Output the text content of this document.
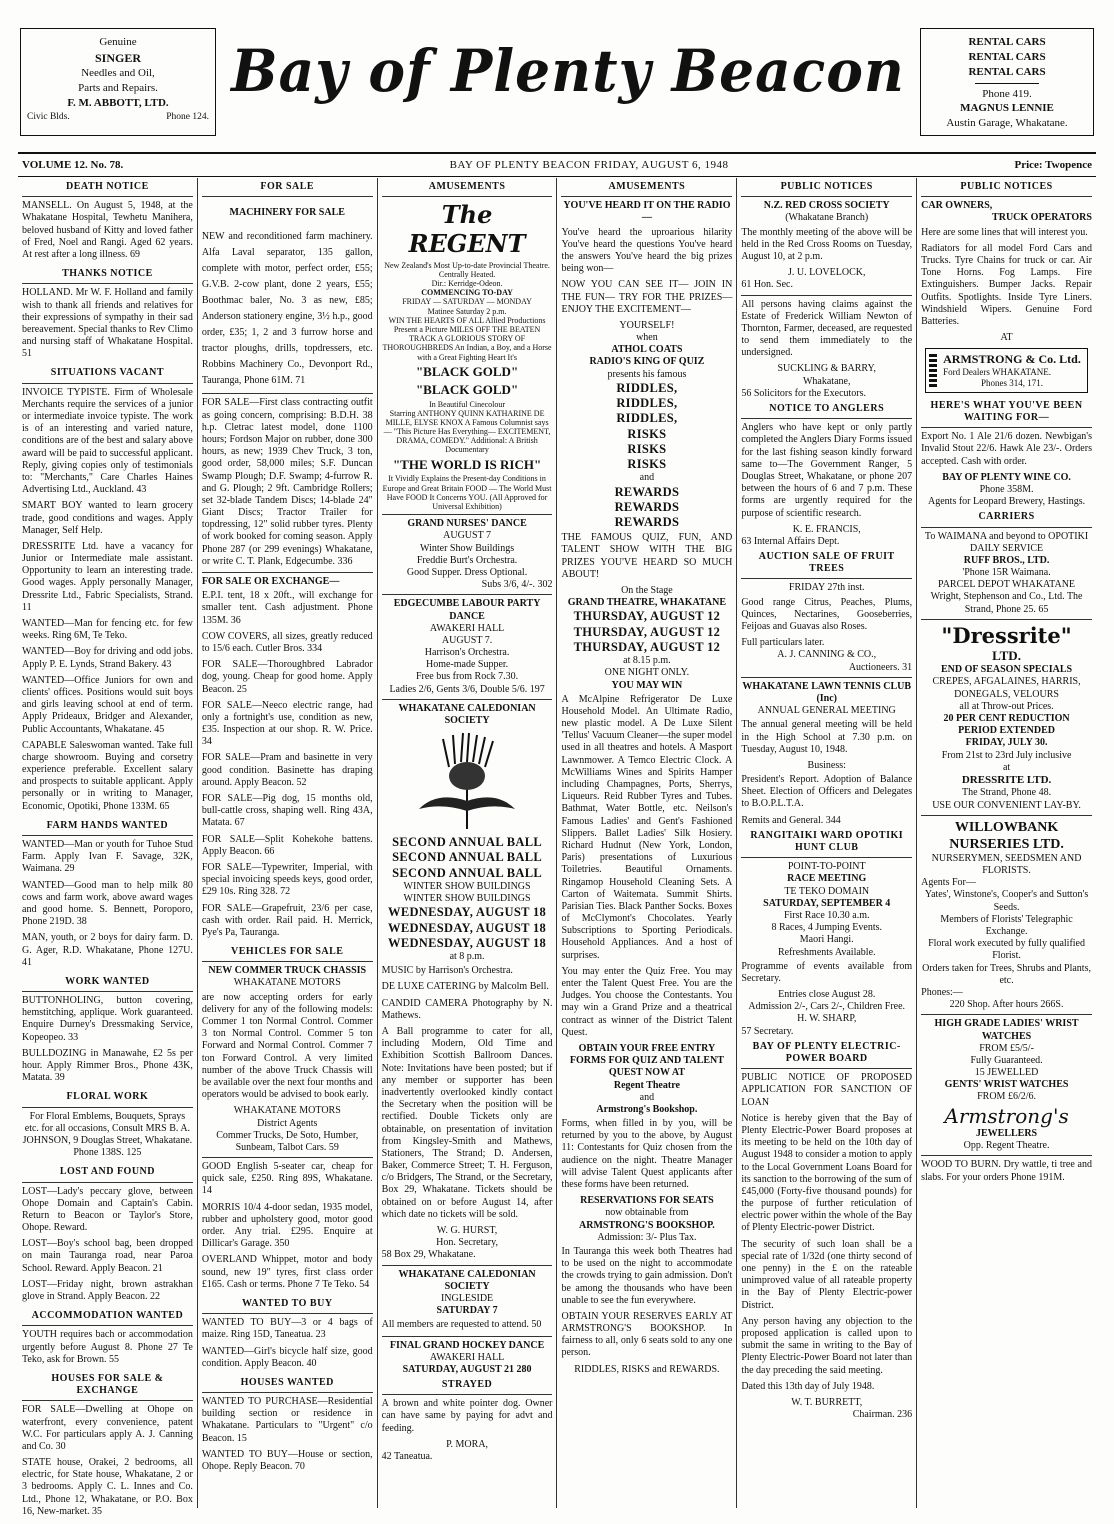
Genuine
SINGER
Needles and Oil,
Parts and Repairs.
F. M. ABBOTT, LTD.
Civic Blds.	Phone 124.
Bay of Plenty Beacon	RENTAL CARS
RENTAL CARS
RENTAL CARS
Phone 419.
MAGNUS LENNIE
Austin Garage, Whakatane.
VOLUME 12. No. 78.	BAY OF PLENTY BEACON FRIDAY, AUGUST 6, 1948	Price: Twopence
DEATH NOTICE
MANSELL. On August 5, 1948, at the Whakatane Hospital, Tewhetu Manihera, beloved husband of Kitty and loved father of Fred, Noel and Rangi. Aged 62 years. At rest after a long illness. 69
THANKS NOTICE
HOLLAND. Mr W. F. Holland and family wish to thank all friends and relatives for their expressions of sympathy in their sad bereavement. Special thanks to Rev Climo and nursing staff of Whakatane Hospital. 51
SITUATIONS VACANT
INVOICE TYPISTE. Firm of Wholesale Merchants require the services of a junior or intermediate invoice typiste. The work is of an interesting and varied nature, conditions are of the best and salary above award will be paid to successful applicant. Reply, giving copies only of testimonials to: "Merchants," Care Charles Haines Advertising Ltd., Auckland. 43
SMART BOY wanted to learn grocery trade, good conditions and wages. Apply Manager, Self Help.
DRESSRITE Ltd. have a vacancy for Junior or Intermediate male assistant. Opportunity to learn an interesting trade. Good wages. Apply personally Manager, Dressrite Ltd., Fabric Specialists, Strand. 11
WANTED—Man for fencing etc. for few weeks. Ring 6M, Te Teko.
WANTED—Boy for driving and odd jobs. Apply P. E. Lynds, Strand Bakery. 43
WANTED—Office Juniors for own and clients' offices. Positions would suit boys and girls leaving school at end of term. Apply Prideaux, Bridger and Alexander, Public Accountants, Whakatane. 45
CAPABLE Saleswoman wanted. Take full charge showroom. Buying and corsetry experience preferable. Excellent salary and prospects to suitable applicant. Apply personally or in writing to Manager, Economic, Opotiki, Phone 133M. 65
FARM HANDS WANTED
WANTED—Man or youth for Tuhoe Stud Farm. Apply Ivan F. Savage, 32K, Waimana. 29
WANTED—Good man to help milk 80 cows and farm work, above award wages and good home. S. Bennett, Poroporo, Phone 219D. 38
MAN, youth, or 2 boys for dairy farm. D. G. Ager, R.D. Whakatane, Phone 127U. 41
WORK WANTED
BUTTONHOLING, button covering, hemstitching, applique. Work guaranteed. Enquire Durney's Dressmaking Service, Kopeopeo. 33
BULLDOZING in Manawahe, £2 5s per hour. Apply Rimmer Bros., Phone 43K, Matata. 39
FLORAL WORK
For Floral Emblems, Bouquets, Sprays etc. for all occasions, Consult MRS B. A. JOHNSON, 9 Douglas Street, Whakatane. Phone 138S. 125
LOST AND FOUND
LOST—Lady's peccary glove, between Ohope Domain and Captain's Cabin. Return to Beacon or Taylor's Store, Ohope. Reward.
LOST—Boy's school bag, been dropped on main Tauranga road, near Paroa School. Reward. Apply Beacon. 21
LOST—Friday night, brown astrakhan glove in Strand. Apply Beacon. 22
ACCOMMODATION WANTED
YOUTH requires bach or accommodation urgently before August 8. Phone 27 Te Teko, ask for Brown. 55
HOUSES FOR SALE & EXCHANGE
FOR SALE—Dwelling at Ohope on waterfront, every convenience, patent W.C. For particulars apply A. J. Canning and Co. 30
STATE house, Orakei, 2 bedrooms, all electric, for State house, Whakatane, 2 or 3 bedrooms. Apply C. L. Innes and Co. Ltd., Phone 12, Whakatane, or P.O. Box 16, New-market. 35
FOR SALE
MACHINERY FOR SALE
NEW and reconditioned farm machinery. Alfa Laval separator, 135 gallon, complete with motor, perfect order, £55; G.V.B. 2-cow plant, done 2 years, £55; Boothmac baler, No. 3 as new, £85; Anderson stationery engine, 3½ h.p., good order, £35; 1, 2 and 3 furrow horse and tractor ploughs, drills, topdressers, etc. Robbins Machinery Co., Devonport Rd., Tauranga, Phone 61M. 71
FOR SALE—First class contracting outfit as going concern, comprising: B.D.H. 38 h.p. Cletrac latest model, done 1100 hours; Fordson Major on rubber, done 300 hours, as new; 1939 Chev Truck, 3 ton, good order, 58,000 miles; S.F. Duncan Swamp Plough; D.F. Swamp; 4-furrow R. and G. Plough; 2 9ft. Cambridge Rollers; set 32-blade Tandem Discs; 14-blade 24" Giant Discs; Tractor Trailer for topdressing, 12" solid rubber tyres. Plenty of work booked for coming season. Apply Phone 287 (or 299 evenings) Whakatane, or write C. T. Plank, Edgecumbe. 336
FOR SALE OR EXCHANGE—
E.P.I. tent, 18 x 20ft., will exchange for smaller tent. Cash adjustment. Phone 135M. 36
COW COVERS, all sizes, greatly reduced to 15/6 each. Cutler Bros. 334
FOR SALE—Thoroughbred Labrador dog, young. Cheap for good home. Apply Beacon. 25
FOR SALE—Neeco electric range, had only a fortnight's use, condition as new, £35. Inspection at our shop. R. W. Price. 34
FOR SALE—Pram and basinette in very good condition. Basinette has draping around. Apply Beacon. 52
FOR SALE—Pig dog, 15 months old, bull-cattle cross, shaping well. Ring 43A, Matata. 67
FOR SALE—Split Kohekohe battens. Apply Beacon. 66
FOR SALE—Typewriter, Imperial, with special invoicing speeds keys, good order, £29 10s. Ring 328. 72
FOR SALE—Grapefruit, 23/6 per case, cash with order. Rail paid. H. Merrick, Pye's Pa, Tauranga.
VEHICLES FOR SALE
NEW COMMER TRUCK CHASSIS
WHAKATANE MOTORS
are now accepting orders for early delivery for any of the following models: Commer 1 ton Normal Control. Commer 3 ton Normal Control. Commer 5 ton Forward and Normal Control. Commer 7 ton Forward Control. A very limited number of the above Truck Chassis will be available over the next four months and operators would be advised to book early.
WHAKATANE MOTORS
District Agents
Commer Trucks, De Soto, Humber, Sunbeam, Talbot Cars. 59
GOOD English 5-seater car, cheap for quick sale, £250. Ring 89S, Whakatane. 14
MORRIS 10/4 4-door sedan, 1935 model, rubber and upholstery good, motor good order. Any trial. £295. Enquire at Dillicar's Garage. 350
OVERLAND Whippet, motor and body sound, new 19" tyres, first class order £165. Cash or terms. Phone 7 Te Teko. 54
WANTED TO BUY
WANTED TO BUY—3 or 4 bags of maize. Ring 15D, Taneatua. 23
WANTED—Girl's bicycle half size, good condition. Apply Beacon. 40
HOUSES WANTED
WANTED TO PURCHASE—Residential building section or residence in Whakatane. Particulars to "Urgent" c/o Beacon. 15
WANTED TO BUY—House or section, Ohope. Reply Beacon. 70
AMUSEMENTS
The REGENT
New Zealand's Most Up-to-date Provincial Theatre. Centrally Heated.
Dir.: Kerridge-Odeon.
COMMENCING TO-DAY
FRIDAY — SATURDAY — MONDAY
Matinee Saturday 2 p.m.
WIN THE HEARTS OF ALL Allied Productions Present a Picture MILES OFF THE BEATEN TRACK A GLORIOUS STORY OF THOROUGHBREDS An Indian, a Boy, and a Horse with a Great Fighting Heart It's
"BLACK GOLD"
"BLACK GOLD"
In Beautiful Cinecolour
Starring ANTHONY QUINN KATHARINE DE MILLE, ELYSE KNOX A Famous Columnist says— "This Picture Has Everything— EXCITEMENT, DRAMA, COMEDY." Additional: A British Documentary
"THE WORLD IS RICH"
It Vividly Explains the Present-day Conditions in Europe and Great Britain FOOD — The World Must Have FOOD It Concerns YOU. (All Approved for Universal Exhibition)
GRAND NURSES' DANCE
AUGUST 7
Winter Show Buildings
Freddie Burt's Orchestra.
Good Supper. Dress Optional.
Subs 3/6, 4/-. 302
EDGECUMBE LABOUR PARTY DANCE
AWAKERI HALL
AUGUST 7.
Harrison's Orchestra.
Home-made Supper.
Free bus from Rock 7.30.
Ladies 2/6, Gents 3/6, Double 5/6. 197
WHAKATANE CALEDONIAN SOCIETY
SECOND ANNUAL BALL
SECOND ANNUAL BALL
SECOND ANNUAL BALL
WINTER SHOW BUILDINGS
WINTER SHOW BUILDINGS
WEDNESDAY, AUGUST 18
WEDNESDAY, AUGUST 18
WEDNESDAY, AUGUST 18
at 8 p.m.
MUSIC by Harrison's Orchestra.
DE LUXE CATERING by Malcolm Bell.
CANDID CAMERA Photography by N. Mathews.
A Ball programme to cater for all, including Modern, Old Time and Exhibition Scottish Ballroom Dances. Note: Invitations have been posted; but if any member or supporter has been inadvertently overlooked kindly contact the Secretary when the position will be rectified. Double Tickets only are obtainable, on presentation of invitation from Kingsley-Smith and Mathews, Stationers, The Strand; D. Andersen, Baker, Commerce Street; T. H. Ferguson, c/o Bridgers, The Strand, or the Secretary, Box 29, Whakatane. Tickets should be obtained on or before August 14, after which date no tickets will be sold.
W. G. HURST,
Hon. Secretary,
58 Box 29, Whakatane.
WHAKATANE CALEDONIAN SOCIETY
INGLESIDE
SATURDAY 7
All members are requested to attend. 50
FINAL GRAND HOCKEY DANCE
AWAKERI HALL
SATURDAY, AUGUST 21 280
STRAYED
A brown and white pointer dog. Owner can have same by paying for advt and feeding.
P. MORA,
42 Taneatua.
AMUSEMENTS
YOU'VE HEARD IT ON THE RADIO—
You've heard the uproarious hilarity You've heard the questions You've heard the answers You've heard the big prizes being won—
NOW YOU CAN SEE IT— JOIN IN THE FUN— TRY FOR THE PRIZES— ENJOY THE EXCITEMENT—
YOURSELF!
when
ATHOL COATS
RADIO'S KING OF QUIZ
presents his famous
RIDDLES,
RIDDLES,
RIDDLES,
RISKS
RISKS
RISKS
and
REWARDS
REWARDS
REWARDS
THE FAMOUS QUIZ, FUN, AND TALENT SHOW WITH THE BIG PRIZES YOU'VE HEARD SO MUCH ABOUT!
On the Stage
GRAND THEATRE, WHAKATANE
THURSDAY, AUGUST 12
THURSDAY, AUGUST 12
THURSDAY, AUGUST 12
at 8.15 p.m.
ONE NIGHT ONLY.
YOU MAY WIN
A McAlpine Refrigerator De Luxe Household Model. An Ultimate Radio, new plastic model. A De Luxe Silent 'Tellus' Vacuum Cleaner—the super model used in all theatres and hotels. A Masport Lawnmower. A Temco Electric Clock. A McWilliams Wines and Spirits Hamper including Champagnes, Ports, Sherrys, Liqueurs. Reid Rubber Tyres and Tubes. Bathmat, Water Bottle, etc. Neilson's Famous Ladies' and Gent's Fashioned Slippers. Ballet Ladies' Silk Hosiery. Richard Hudnut (New York, London, Paris) presentations of Luxurious Toiletries. Beautiful Ornaments. Ringamop Household Cleaning Sets. A Carton of Waitemata. Summit Shirts. Parisian Ties. Black Panther Socks. Boxes of McClymont's Chocolates. Yearly Subscriptions to Sporting Periodicals. Household Appliances. And a host of surprises.
You may enter the Quiz Free. You may enter the Talent Quest Free. You are the Judges. You choose the Contestants. You may win a Grand Prize and a theatrical contract as winner of the District Talent Quest.
OBTAIN YOUR FREE ENTRY FORMS FOR QUIZ AND TALENT QUEST NOW AT
Regent Theatre
and
Armstrong's Bookshop.
Forms, when filled in by you, will be returned by you to the above, by August 11: Contestants for Quiz chosen from the audience on the night. Theatre Manager will advise Talent Quest applicants after these forms have been returned.
RESERVATIONS FOR SEATS
now obtainable from
ARMSTRONG'S BOOKSHOP.
Admission: 3/- Plus Tax.
In Tauranga this week both Theatres had to be used on the night to accommodate the crowds trying to gain admission. Don't be among the thousands who have been unable to see the fun everywhere.
OBTAIN YOUR RESERVES EARLY AT ARMSTRONG'S BOOKSHOP. In fairness to all, only 6 seats sold to any one person.
RIDDLES, RISKS and REWARDS.
PUBLIC NOTICES
N.Z. RED CROSS SOCIETY
(Whakatane Branch)
The monthly meeting of the above will be held in the Red Cross Rooms on Tuesday, August 10, at 2 p.m.
J. U. LOVELOCK,
61 Hon. Sec.
All persons having claims against the Estate of Frederick William Newton of Thornton, Farmer, deceased, are requested to send them immediately to the undersigned.
SUCKLING & BARRY,
Whakatane,
56 Solicitors for the Executors.
NOTICE TO ANGLERS
Anglers who have kept or only partly completed the Anglers Diary Forms issued for the last fishing season kindly forward same to—The Government Ranger, 5 Douglas Street, Whakatane, or phone 207 between the hours of 6 and 7 p.m. These forms are urgently required for the purpose of scientific research.
K. E. FRANCIS,
63 Internal Affairs Dept.
AUCTION SALE OF FRUIT TREES
FRIDAY 27th inst.
Good range Citrus, Peaches, Plums, Quinces, Nectarines, Gooseberries, Feijoas and Guavas also Roses.
Full particulars later.
A. J. CANNING & CO.,
Auctioneers. 31
WHAKATANE LAWN TENNIS CLUB (Inc)
ANNUAL GENERAL MEETING
The annual general meeting will be held in the High School at 7.30 p.m. on Tuesday, August 10, 1948.
Business:
President's Report. Adoption of Balance Sheet. Election of Officers and Delegates to B.O.P.L.T.A.
Remits and General. 344
RANGITAIKI WARD OPOTIKI HUNT CLUB
POINT-TO-POINT
RACE MEETING
TE TEKO DOMAIN
SATURDAY, SEPTEMBER 4
First Race 10.30 a.m.
8 Races, 4 Jumping Events.
Maori Hangi.
Refreshments Available.
Programme of events available from Secretary.
Entries close August 28.
Admission 2/-, Cars 2/-, Children Free.
H. W. SHARP,
57 Secretary.
BAY OF PLENTY ELECTRIC-POWER BOARD
PUBLIC NOTICE OF PROPOSED APPLICATION FOR SANCTION OF LOAN
Notice is hereby given that the Bay of Plenty Electric-Power Board proposes at its meeting to be held on the 10th day of August 1948 to consider a motion to apply to the Local Government Loans Board for its sanction to the borrowing of the sum of £45,000 (Forty-five thousand pounds) for the purpose of further reticulation of electric power within the whole of the Bay of Plenty Electric-power District.
The security of such loan shall be a special rate of 1/32d (one thirty second of one penny) in the £ on the rateable unimproved value of all rateable property in the Bay of Plenty Electric-power District.
Any person having any objection to the proposed application is called upon to submit the same in writing to the Bay of Plenty Electric-Power Board not later than the day preceding the said meeting.
Dated this 13th day of July 1948.
W. T. BURRETT,
Chairman. 236
PUBLIC NOTICES
CAR OWNERS,
TRUCK OPERATORS
Here are some lines that will interest you.
Radiators for all model Ford Cars and Trucks. Tyre Chains for truck or car. Air Tone Horns. Fog Lamps. Fire Extinguishers. Bumper Jacks. Repair Outfits. Spotlights. Inside Tyre Liners. Windshield Wipers. Genuine Ford Batteries.
AT
ARMSTRONG & Co. Ltd.
Ford Dealers WHAKATANE.
Phones 314, 171.
HERE'S WHAT YOU'VE BEEN WAITING FOR—
Export No. 1 Ale 21/6 dozen. Newbigan's Invalid Stout 22/6. Hawk Ale 23/-. Orders accepted. Cash with order.
BAY OF PLENTY WINE CO.
Phone 358M.
Agents for Leopard Brewery, Hastings.
CARRIERS
To WAIMANA and beyond to OPOTIKI
DAILY SERVICE
RUFF BROS., LTD.
'Phone 15R Waimana.
PARCEL DEPOT WHAKATANE
Wright, Stephenson and Co., Ltd. The Strand, Phone 25. 65
"Dressrite"
LTD.
END OF SEASON SPECIALS
CREPES, AFGALAINES, HARRIS, DONEGALS, VELOURS
all at Throw-out Prices.
20 PER CENT REDUCTION
PERIOD EXTENDED
FRIDAY, JULY 30.
From 21st to 23rd July inclusive
at
DRESSRITE LTD.
The Strand, Phone 48.
USE OUR CONVENIENT LAY-BY.
WILLOWBANK
NURSERIES LTD.
NURSERYMEN, SEEDSMEN AND FLORISTS.
Agents For—
Yates', Winstone's, Cooper's and Sutton's Seeds.
Members of Florists' Telegraphic Exchange.
Floral work executed by fully qualified Florist.
Orders taken for Trees, Shrubs and Plants, etc.
Phones:—
220 Shop. After hours 266S.
HIGH GRADE LADIES' WRIST WATCHES
FROM £5/5/-
Fully Guaranteed.
15 JEWELLED
GENTS' WRIST WATCHES
FROM £6/2/6.
Armstrong's
JEWELLERS
Opp. Regent Theatre.
WOOD TO BURN. Dry wattle, ti tree and slabs. For your orders Phone 191M.
